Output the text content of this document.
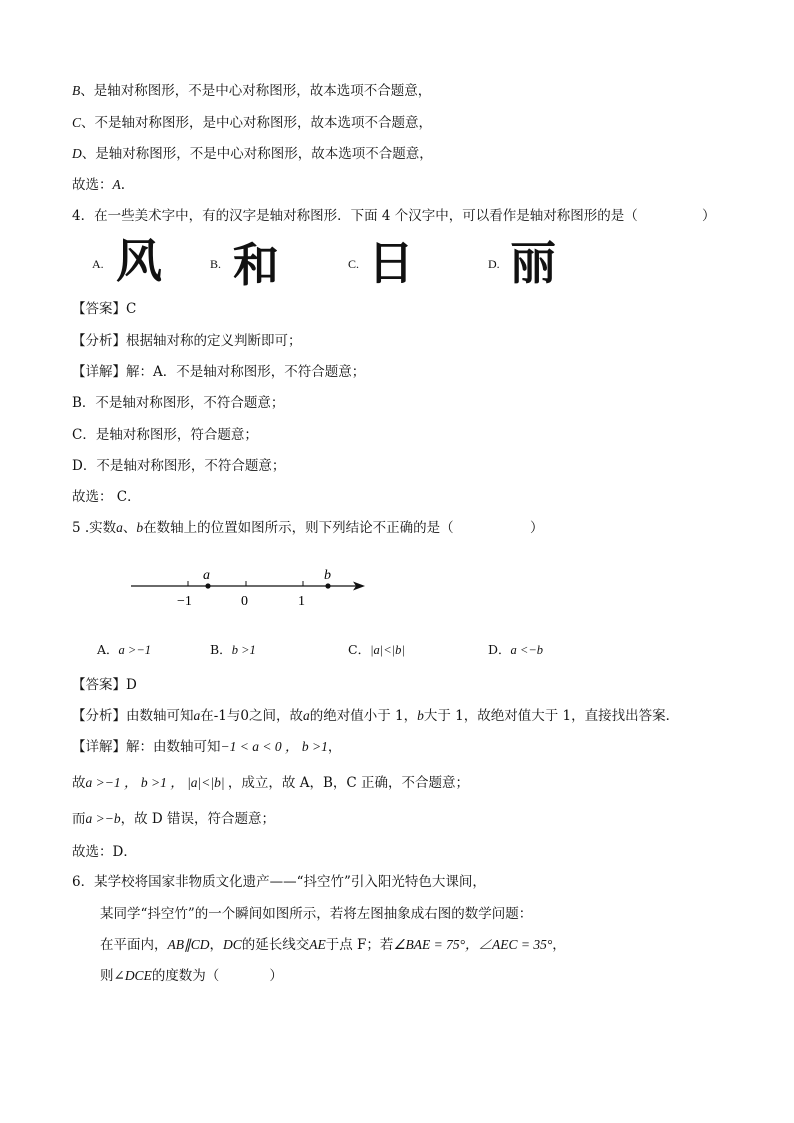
B、是轴对称图形，不是中心对称图形，故本选项不合题意，
C、不是轴对称图形，是中心对称图形，故本选项不合题意，
D、是轴对称图形，不是中心对称图形，故本选项不合题意，
故选：A.
4．在一些美术字中，有的汉字是轴对称图形．下面 4 个汉字中，可以看作是轴对称图形的是（	）
A. 风	B. 和	C. 日	D. 丽
【答案】C
【分析】根据轴对称的定义判断即可；
【详解】解：A．不是轴对称图形，不符合题意；
B．不是轴对称图形，不符合题意；
C．是轴对称图形，符合题意；
D．不是轴对称图形，不符合题意；
故选： C．
5 .实数a、b在数轴上的位置如图所示，则下列结论不正确的是（	）
a	b
−1	0	1
A．a >−1	B．b >1	C．|a|<|b|	D．a <−b
【答案】D
【分析】由数轴可知a在-1与0之间，故a的绝对值小于 1，b大于 1，故绝对值大于 1，直接找出答案．
【详解】解：由数轴可知−1 < a < 0 ， b >1，
故a >−1 ， b >1 ， |a|<|b| ，成立，故 A，B，C 正确，不合题意；
而a >−b，故 D 错误，符合题意；
故选：D．
6．某学校将国家非物质文化遗产——“抖空竹”引入阳光特色大课间，
某同学“抖空竹”的一个瞬间如图所示，若将左图抽象成右图的数学问题：
在平面内，AB∥CD，DC的延长线交AE于点 F；若∠BAE = 75°，∠AEC = 35°，
则∠DCE的度数为（	）
